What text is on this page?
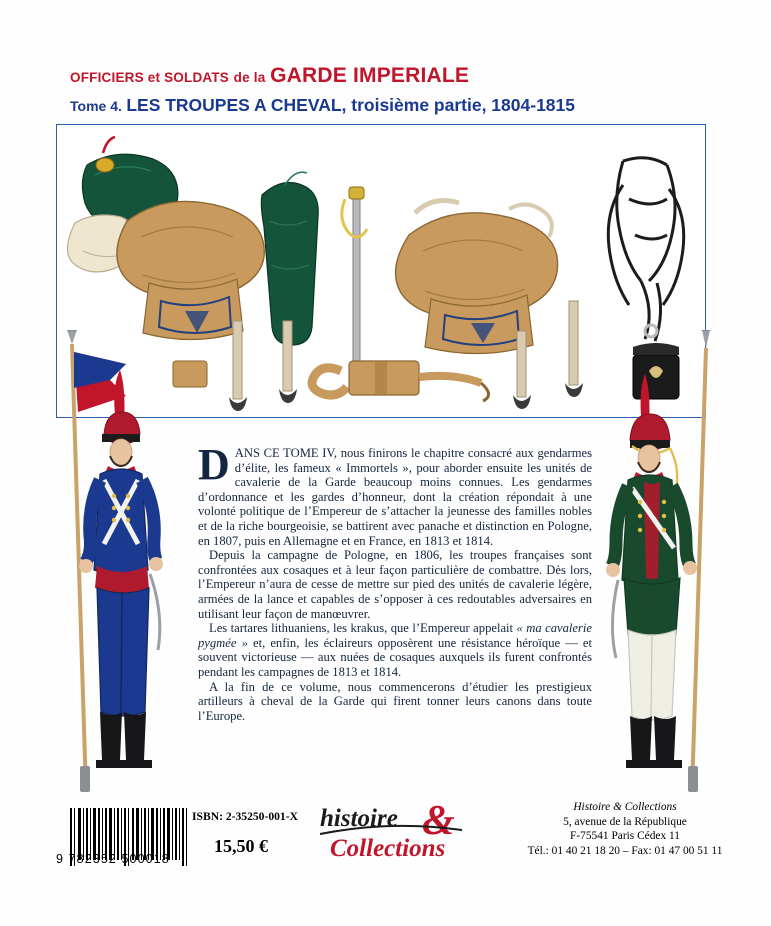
OFFICIERS et SOLDATS de la GARDE IMPERIALE
Tome 4. LES TROUPES A CHEVAL, troisième partie, 1804-1815

DANS CE TOME IV, nous finirons le chapitre consacré aux gendarmes d’élite, les fameux « Immortels », pour aborder ensuite les unités de cavalerie de la Garde beaucoup moins connues. Les gendarmes d’ordonnance et les gardes d’honneur, dont la création répondait à une volonté politique de l’Empereur de s’attacher la jeunesse des familles nobles et de la riche bourgeoisie, se battirent avec panache et distinction en Pologne, en 1807, puis en Allemagne et en France, en 1813 et 1814.

Depuis la campagne de Pologne, en 1806, les troupes françaises sont confrontées aux cosaques et à leur façon particulière de combattre. Dès lors, l’Empereur n’aura de cesse de mettre sur pied des unités de cavalerie légère, armées de la lance et capables de s’opposer à ces redoutables adversaires en utilisant leur façon de manœuvrer.

Les tartares lithuaniens, les krakus, que l’Empereur appelait « ma cavalerie pygmée » et, enfin, les éclaireurs opposèrent une résistance héroïque — et souvent victorieuse — aux nuées de cosaques auxquels ils furent confrontés pendant les campagnes de 1813 et 1814.

A la fin de ce volume, nous commencerons d’étudier les prestigieux artilleurs à cheval de la Garde qui firent tonner leurs canons dans toute l’Europe.

9 782352 500018
ISBN: 2-35250-001-X
15,50 €
histoire &
Collections
Histoire & Collections
5, avenue de la République
F-75541 Paris Cédex 11
Tél.: 01 40 21 18 20 – Fax: 01 47 00 51 11
